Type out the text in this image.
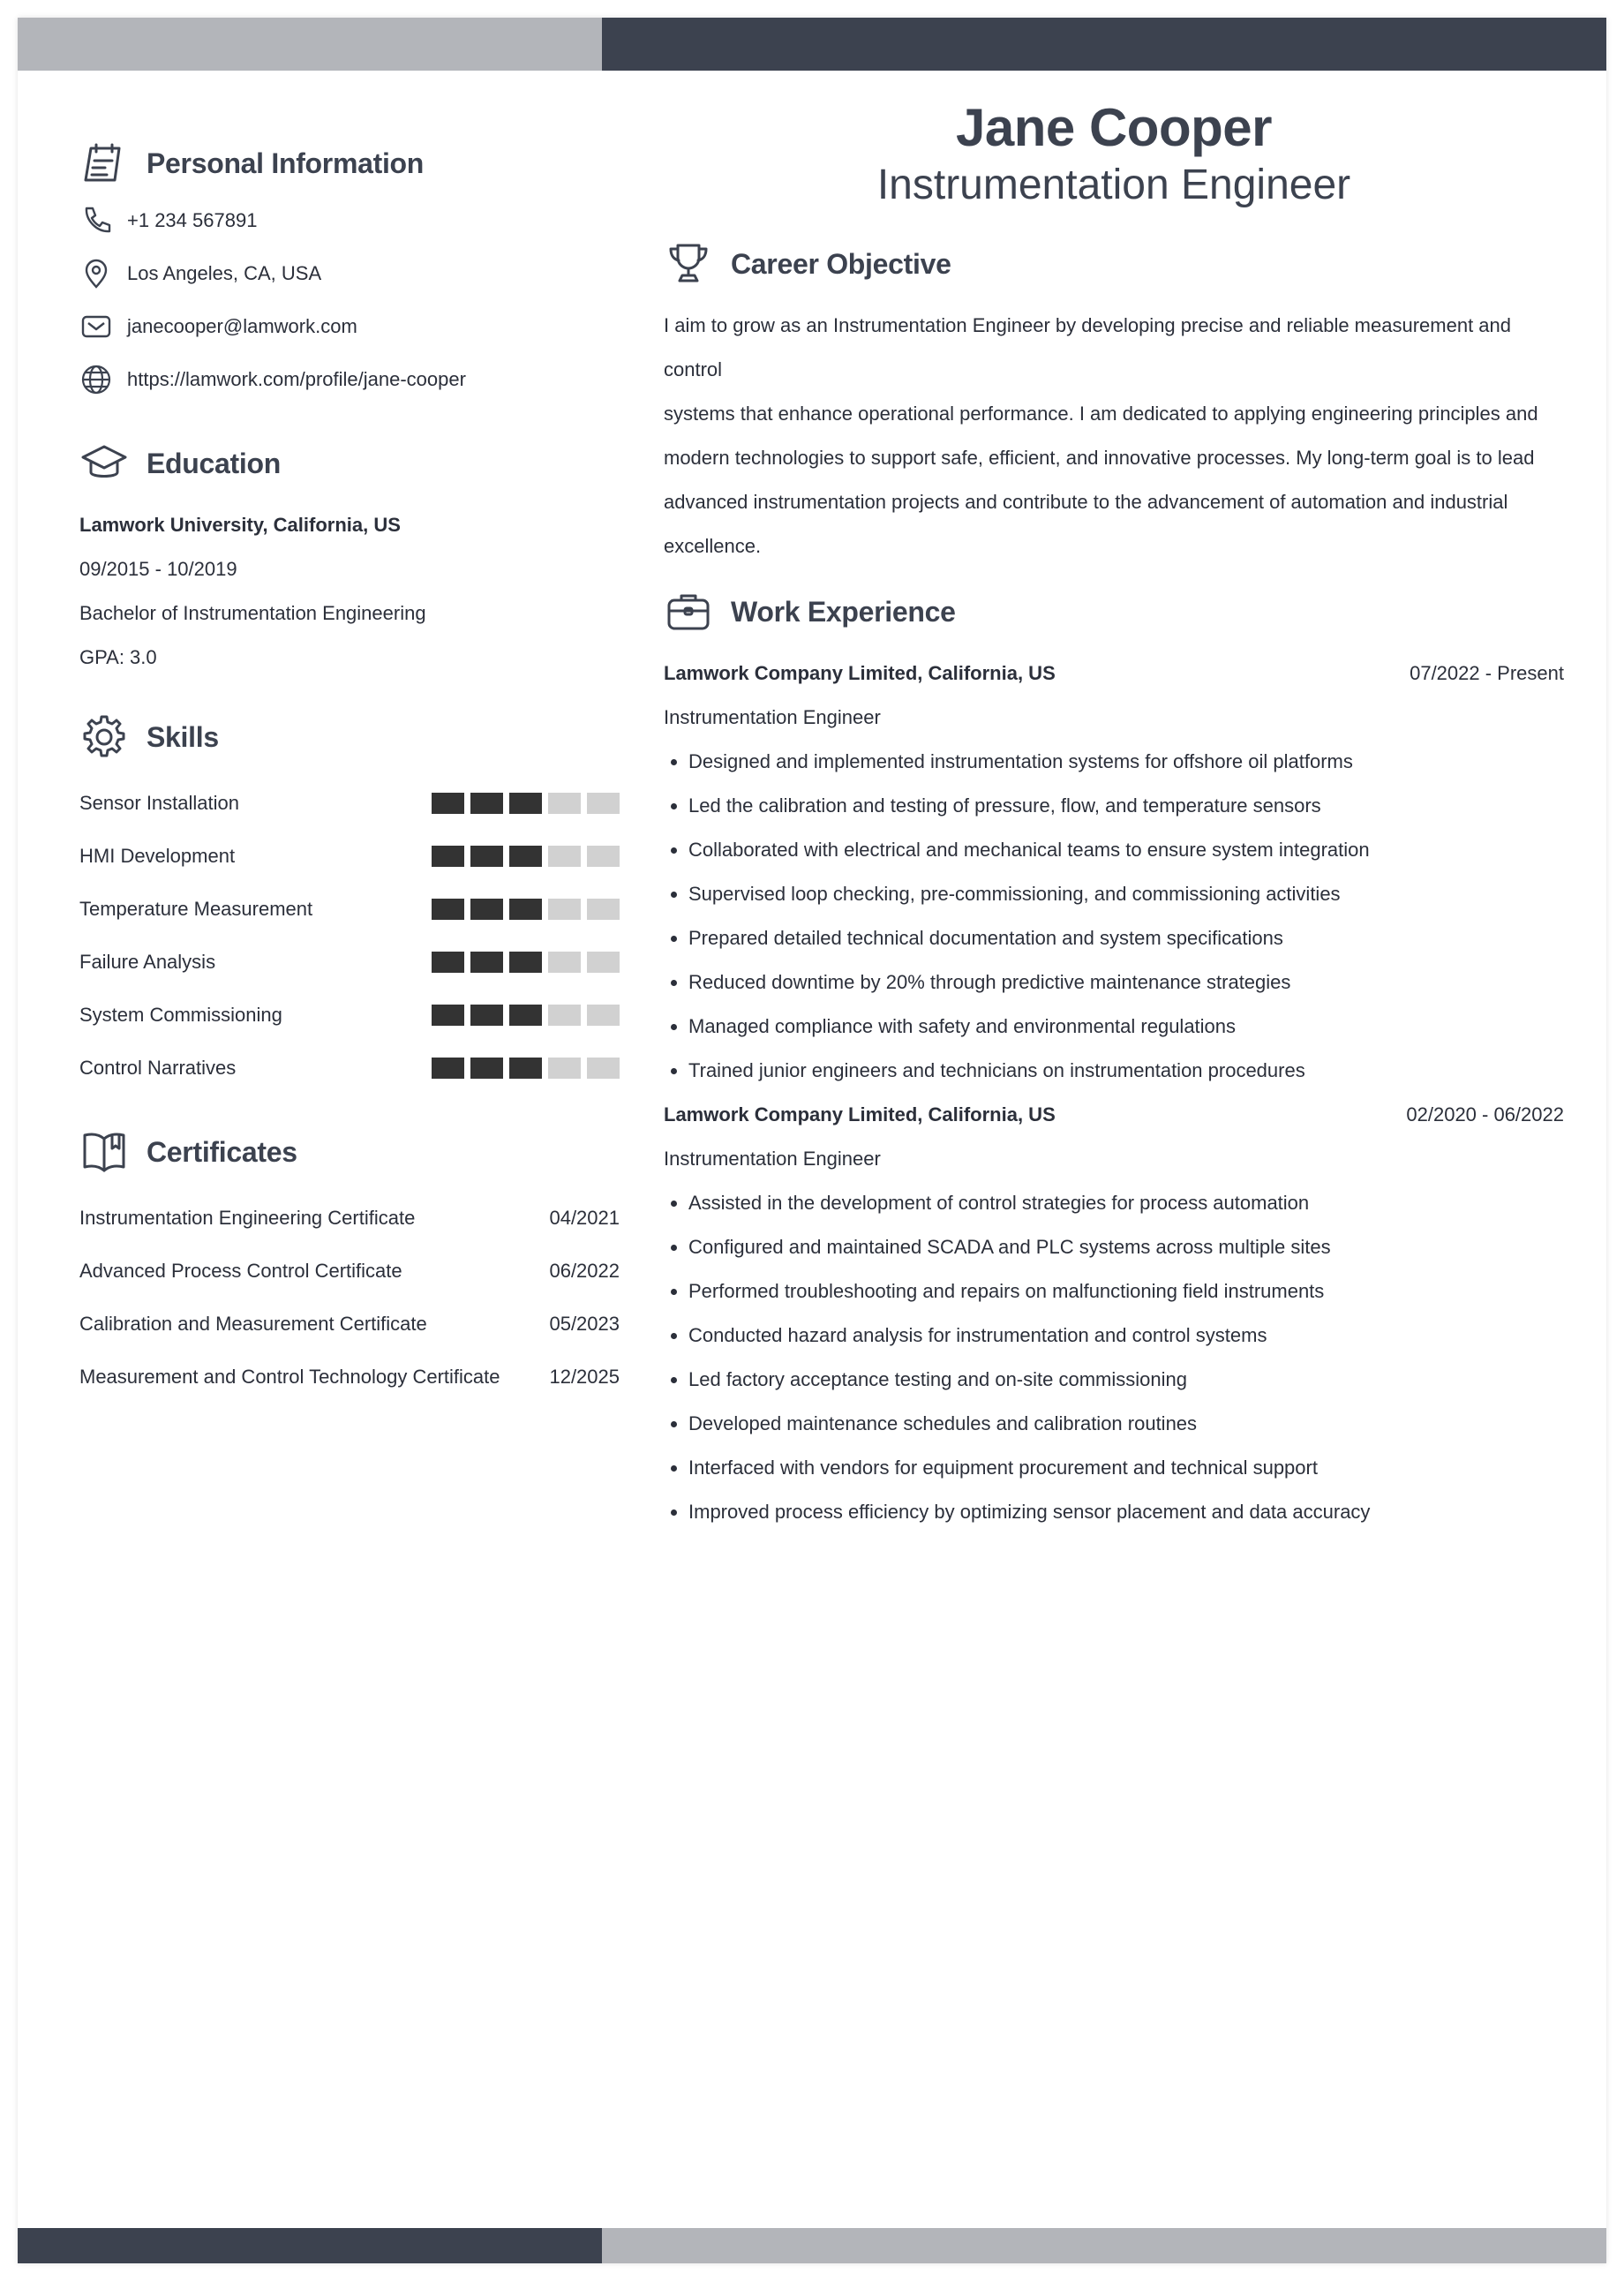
Personal Information
+1 234 567891
Los Angeles, CA, USA
janecooper@lamwork.com
https://lamwork.com/profile/jane-cooper
Education
Lamwork University, California, US
09/2015 - 10/2019
Bachelor of Instrumentation Engineering
GPA: 3.0
Skills
Sensor Installation
HMI Development
Temperature Measurement
Failure Analysis
System Commissioning
Control Narratives
Certificates
Instrumentation Engineering Certificate	04/2021
Advanced Process Control Certificate	06/2022
Calibration and Measurement Certificate	05/2023
Measurement and Control Technology Certificate	12/2025
Jane Cooper
Instrumentation Engineer
Career Objective
I aim to grow as an Instrumentation Engineer by developing precise and reliable measurement and control
systems that enhance operational performance. I am dedicated to applying engineering principles and
modern technologies to support safe, efficient, and innovative processes. My long-term goal is to lead
advanced instrumentation projects and contribute to the advancement of automation and industrial
excellence.
Work Experience
Lamwork Company Limited, California, US	07/2022 - Present
Instrumentation Engineer
• Designed and implemented instrumentation systems for offshore oil platforms
• Led the calibration and testing of pressure, flow, and temperature sensors
• Collaborated with electrical and mechanical teams to ensure system integration
• Supervised loop checking, pre-commissioning, and commissioning activities
• Prepared detailed technical documentation and system specifications
• Reduced downtime by 20% through predictive maintenance strategies
• Managed compliance with safety and environmental regulations
• Trained junior engineers and technicians on instrumentation procedures
Lamwork Company Limited, California, US	02/2020 - 06/2022
Instrumentation Engineer
• Assisted in the development of control strategies for process automation
• Configured and maintained SCADA and PLC systems across multiple sites
• Performed troubleshooting and repairs on malfunctioning field instruments
• Conducted hazard analysis for instrumentation and control systems
• Led factory acceptance testing and on-site commissioning
• Developed maintenance schedules and calibration routines
• Interfaced with vendors for equipment procurement and technical support
• Improved process efficiency by optimizing sensor placement and data accuracy
